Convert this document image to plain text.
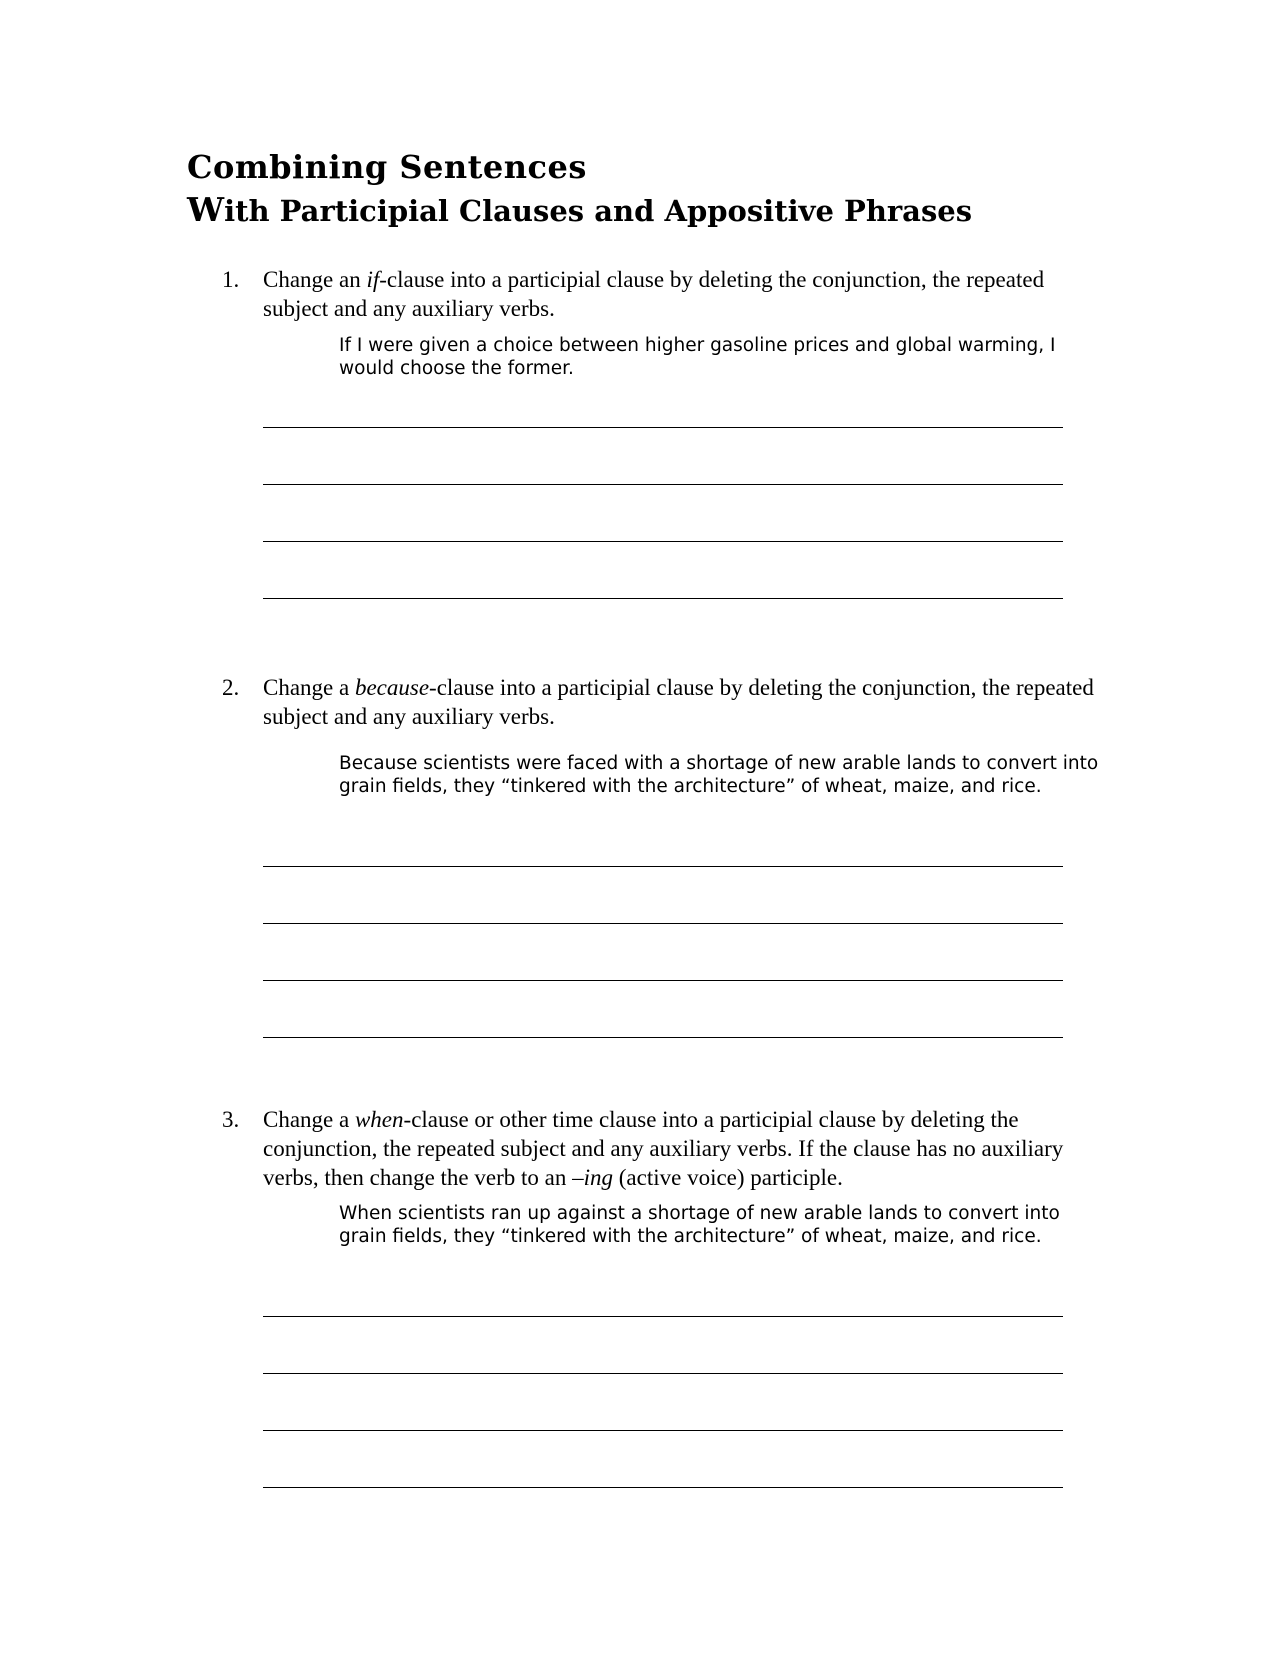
Combining Sentences
With Participial Clauses and Appositive Phrases
1. Change an if-clause into a participial clause by deleting the conjunction, the repeated subject and any auxiliary verbs.
If I were given a choice between higher gasoline prices and global warming, I would choose the former.
2. Change a because-clause into a participial clause by deleting the conjunction, the repeated subject and any auxiliary verbs.
Because scientists were faced with a shortage of new arable lands to convert into grain fields, they “tinkered with the architecture” of wheat, maize, and rice.
3. Change a when-clause or other time clause into a participial clause by deleting the conjunction, the repeated subject and any auxiliary verbs. If the clause has no auxiliary verbs, then change the verb to an –ing (active voice) participle.
When scientists ran up against a shortage of new arable lands to convert into grain fields, they “tinkered with the architecture” of wheat, maize, and rice.
